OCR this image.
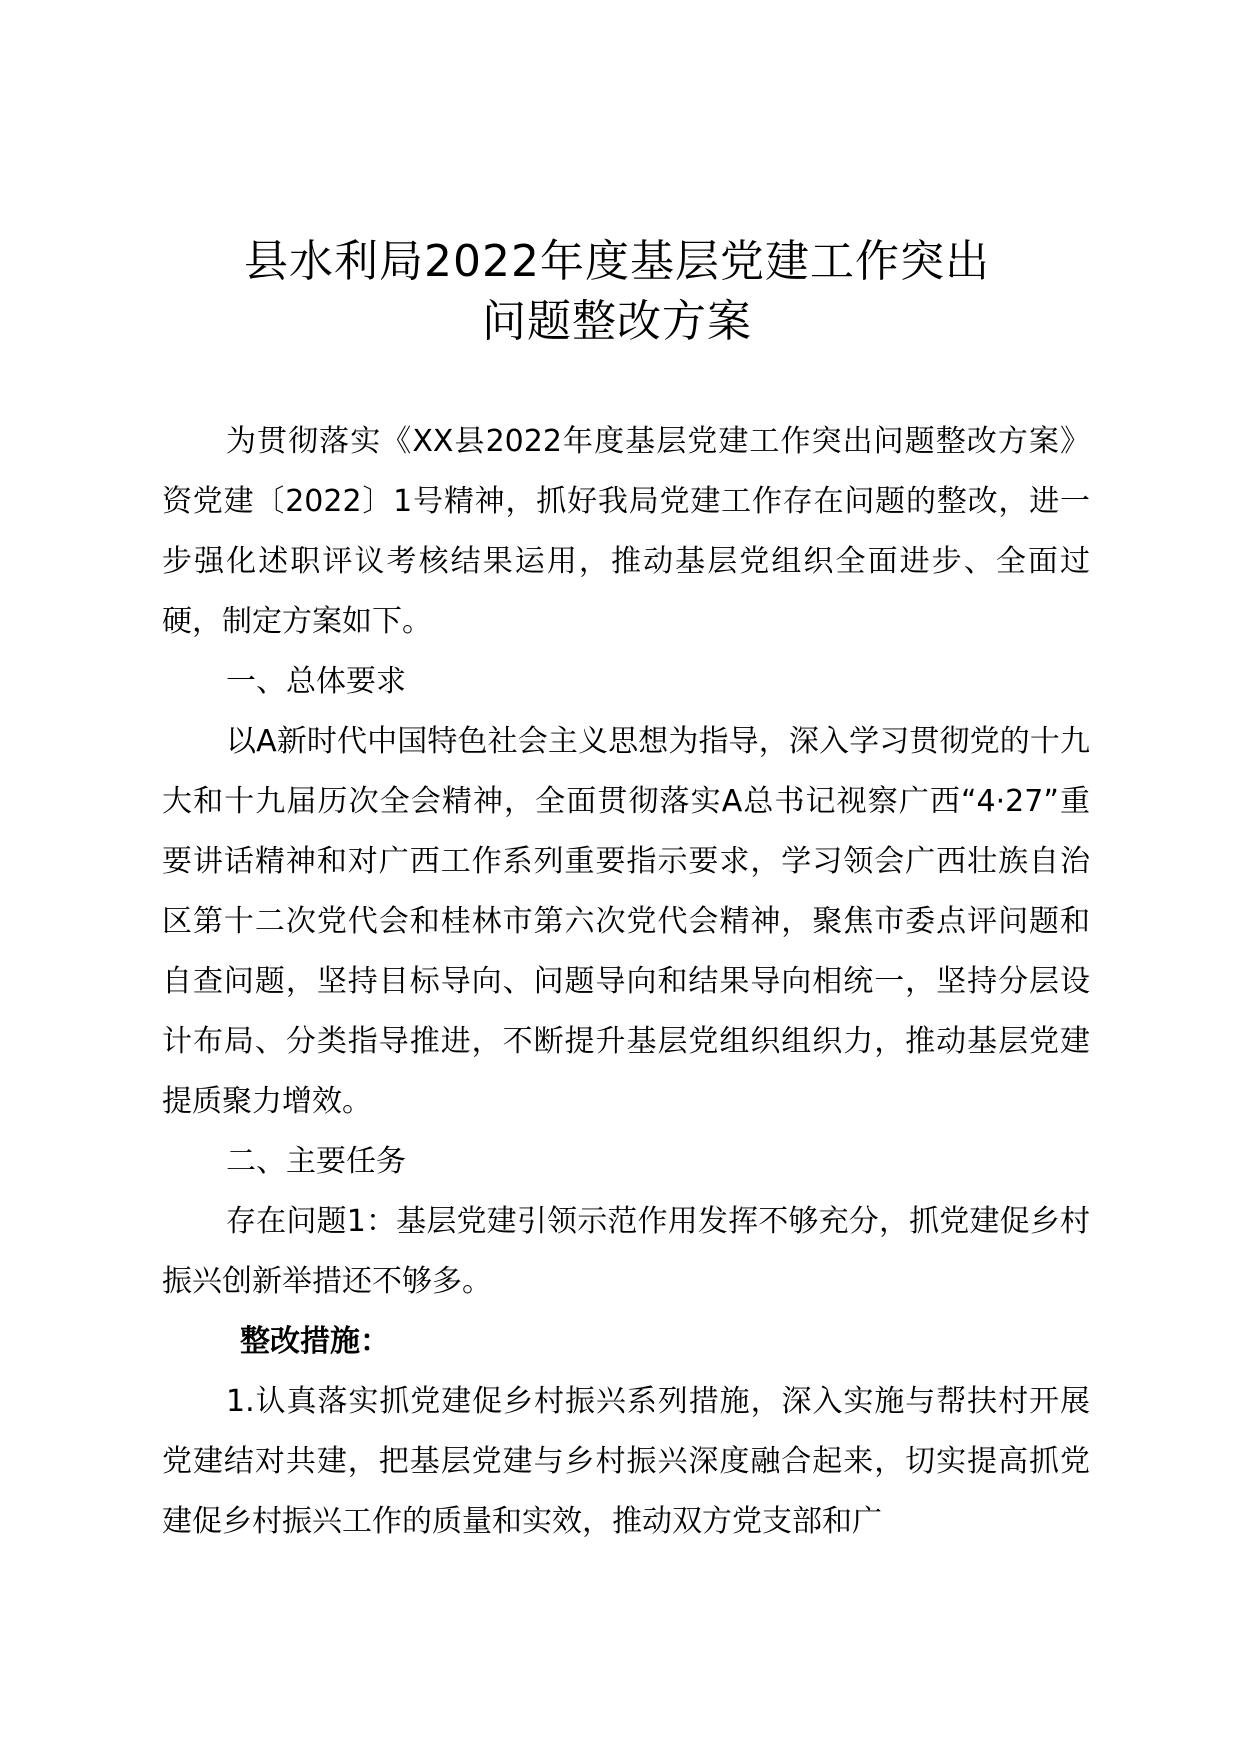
县水利局2022年度基层党建工作突出
问题整改方案

为贯彻落实《XX县2022年度基层党建工作突出问题整改方案》资党建〔2022〕1号精神，抓好我局党建工作存在问题的整改，进一步强化述职评议考核结果运用，推动基层党组织全面进步、全面过硬，制定方案如下。

一、总体要求

以A新时代中国特色社会主义思想为指导，深入学习贯彻党的十九大和十九届历次全会精神，全面贯彻落实A总书记视察广西“4·27”重要讲话精神和对广西工作系列重要指示要求，学习领会广西壮族自治区第十二次党代会和桂林市第六次党代会精神，聚焦市委点评问题和自查问题，坚持目标导向、问题导向和结果导向相统一，坚持分层设计布局、分类指导推进，不断提升基层党组织组织力，推动基层党建提质聚力增效。

二、主要任务

存在问题1：基层党建引领示范作用发挥不够充分，抓党建促乡村振兴创新举措还不够多。

整改措施：

1.认真落实抓党建促乡村振兴系列措施，深入实施与帮扶村开展党建结对共建，把基层党建与乡村振兴深度融合起来，切实提高抓党建促乡村振兴工作的质量和实效，推动双方党支部和广
